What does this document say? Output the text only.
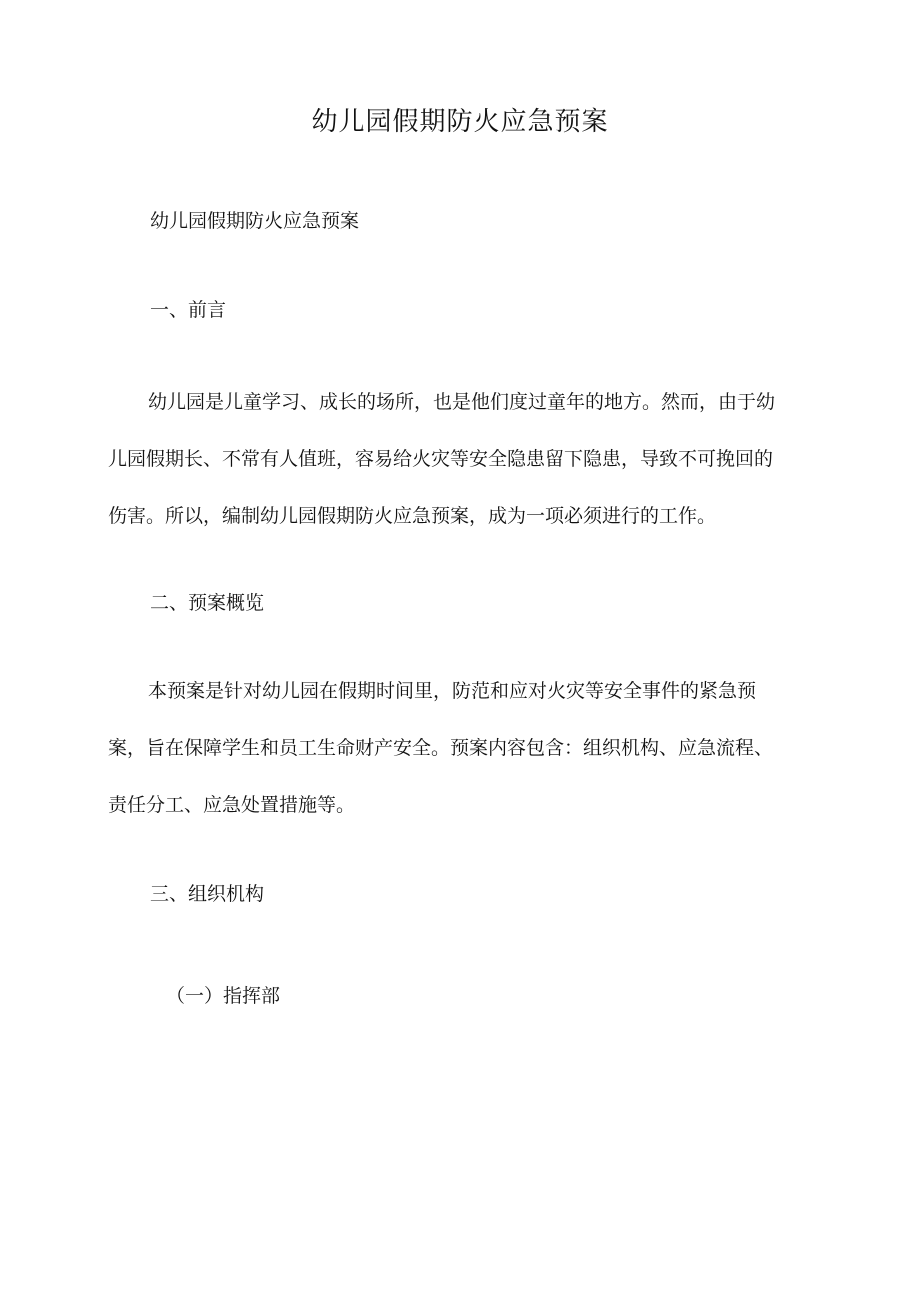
幼儿园假期防火应急预案
幼儿园假期防火应急预案
一、前言
幼儿园是儿童学习、成长的场所，也是他们度过童年的地方。然而，由于幼
儿园假期长、不常有人值班，容易给火灾等安全隐患留下隐患，导致不可挽回的
伤害。所以，编制幼儿园假期防火应急预案，成为一项必须进行的工作。
二、预案概览
本预案是针对幼儿园在假期时间里，防范和应对火灾等安全事件的紧急预
案，旨在保障学生和员工生命财产安全。预案内容包含：组织机构、应急流程、
责任分工、应急处置措施等。
三、组织机构
（一）指挥部
